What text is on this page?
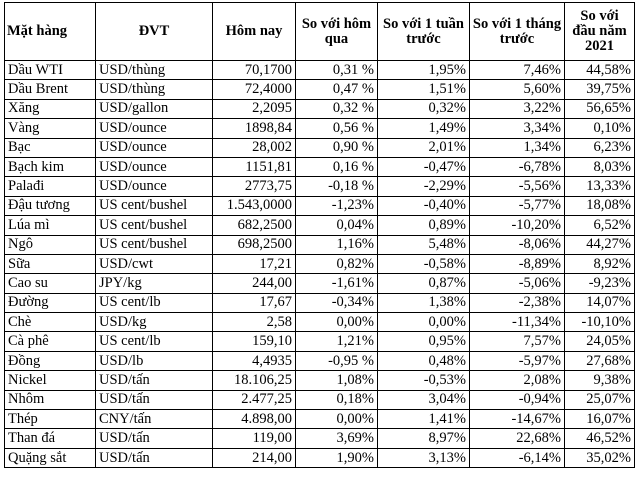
Mặt hàng	ĐVT	Hôm nay	So với hôm qua	So với 1 tuần trước	So với 1 tháng trước	So với đầu năm 2021
Dầu WTI	USD/thùng	70,1700	0,31 %	1,95%	7,46%	44,58%
Dầu Brent	USD/thùng	72,4000	0,47 %	1,51%	5,60%	39,75%
Xăng	USD/gallon	2,2095	0,32 %	0,32%	3,22%	56,65%
Vàng	USD/ounce	1898,84	0,56 %	1,49%	3,34%	0,10%
Bạc	USD/ounce	28,002	0,90 %	2,01%	1,34%	6,23%
Bạch kim	USD/ounce	1151,81	0,16 %	-0,47%	-6,78%	8,03%
Palađi	USD/ounce	2773,75	-0,18 %	-2,29%	-5,56%	13,33%
Đậu tương	US cent/bushel	1.543,0000	-1,23%	-0,40%	-5,77%	18,08%
Lúa mì	US cent/bushel	682,2500	0,04%	0,89%	-10,20%	6,52%
Ngô	US cent/bushel	698,2500	1,16%	5,48%	-8,06%	44,27%
Sữa	USD/cwt	17,21	0,82%	-0,58%	-8,89%	8,92%
Cao su	JPY/kg	244,00	-1,61%	0,87%	-5,06%	-9,23%
Đường	US cent/lb	17,67	-0,34%	1,38%	-2,38%	14,07%
Chè	USD/kg	2,58	0,00%	0,00%	-11,34%	-10,10%
Cà phê	US cent/lb	159,10	1,21%	0,95%	7,57%	24,05%
Đồng	USD/lb	4,4935	-0,95 %	0,48%	-5,97%	27,68%
Nickel	USD/tấn	18.106,25	1,08%	-0,53%	2,08%	9,38%
Nhôm	USD/tấn	2.477,25	0,18%	3,04%	-0,94%	25,07%
Thép	CNY/tấn	4.898,00	0,00%	1,41%	-14,67%	16,07%
Than đá	USD/tấn	119,00	3,69%	8,97%	22,68%	46,52%
Quặng sắt	USD/tấn	214,00	1,90%	3,13%	-6,14%	35,02%
